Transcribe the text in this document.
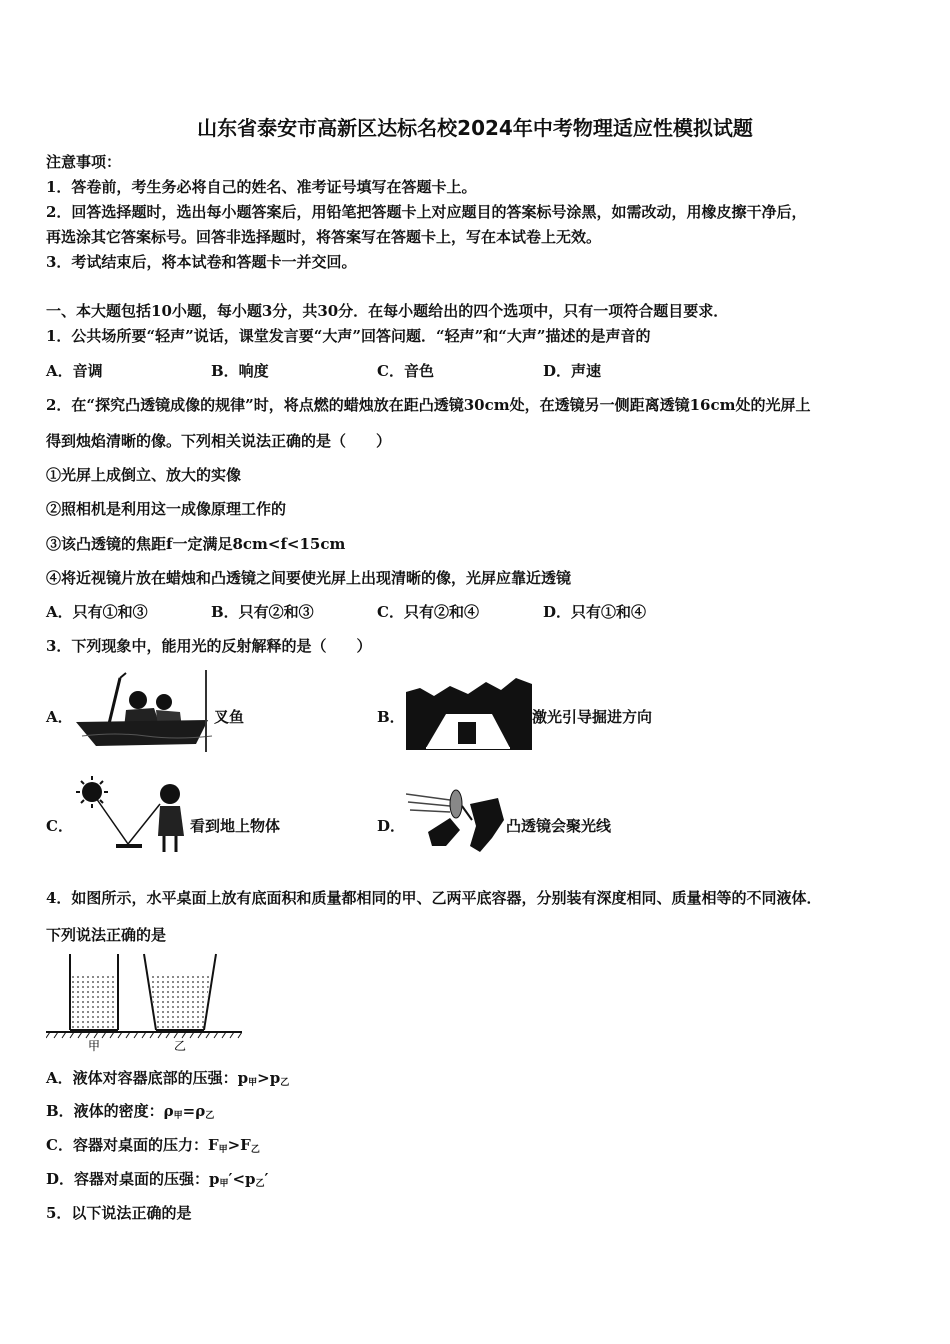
山东省泰安市高新区达标名校2024年中考物理适应性模拟试题
注意事项：
1．答卷前，考生务必将自己的姓名、准考证号填写在答题卡上。
2．回答选择题时，选出每小题答案后，用铅笔把答题卡上对应题目的答案标号涂黑，如需改动，用橡皮擦干净后，
再选涂其它答案标号。回答非选择题时，将答案写在答题卡上，写在本试卷上无效。
3．考试结束后，将本试卷和答题卡一并交回。
一、本大题包括10小题，每小题3分，共30分．在每小题给出的四个选项中，只有一项符合题目要求．
1．公共场所要“轻声”说话，课堂发言要“大声”回答问题．“轻声”和“大声”描述的是声音的
A．音调	B．响度	C．音色	D．声速
2．在“探究凸透镜成像的规律”时，将点燃的蜡烛放在距凸透镜30cm处，在透镜另一侧距离透镜16cm处的光屏上
得到烛焰清晰的像。下列相关说法正确的是（　　）
①光屏上成倒立、放大的实像
②照相机是利用这一成像原理工作的
③该凸透镜的焦距f一定满足8cm<f<15cm
④将近视镜片放在蜡烛和凸透镜之间要使光屏上出现清晰的像，光屏应靠近透镜
A．只有①和③	B．只有②和③	C．只有②和④	D．只有①和④
3．下列现象中，能用光的反射解释的是（　　）
A．	叉鱼	B．	激光引导掘进方向
C．	看到地上物体	D．	凸透镜会聚光线
4．如图所示，水平桌面上放有底面积和质量都相同的甲、乙两平底容器，分别装有深度相同、质量相等的不同液体．
下列说法正确的是
甲	乙
A．液体对容器底部的压强：$p_甲>p_乙$
B．液体的密度：$\rho_甲=\rho_乙$
C．容器对桌面的压力：$F_甲>F_乙$
D．容器对桌面的压强：$p_甲'<p_乙'$
5．以下说法正确的是
